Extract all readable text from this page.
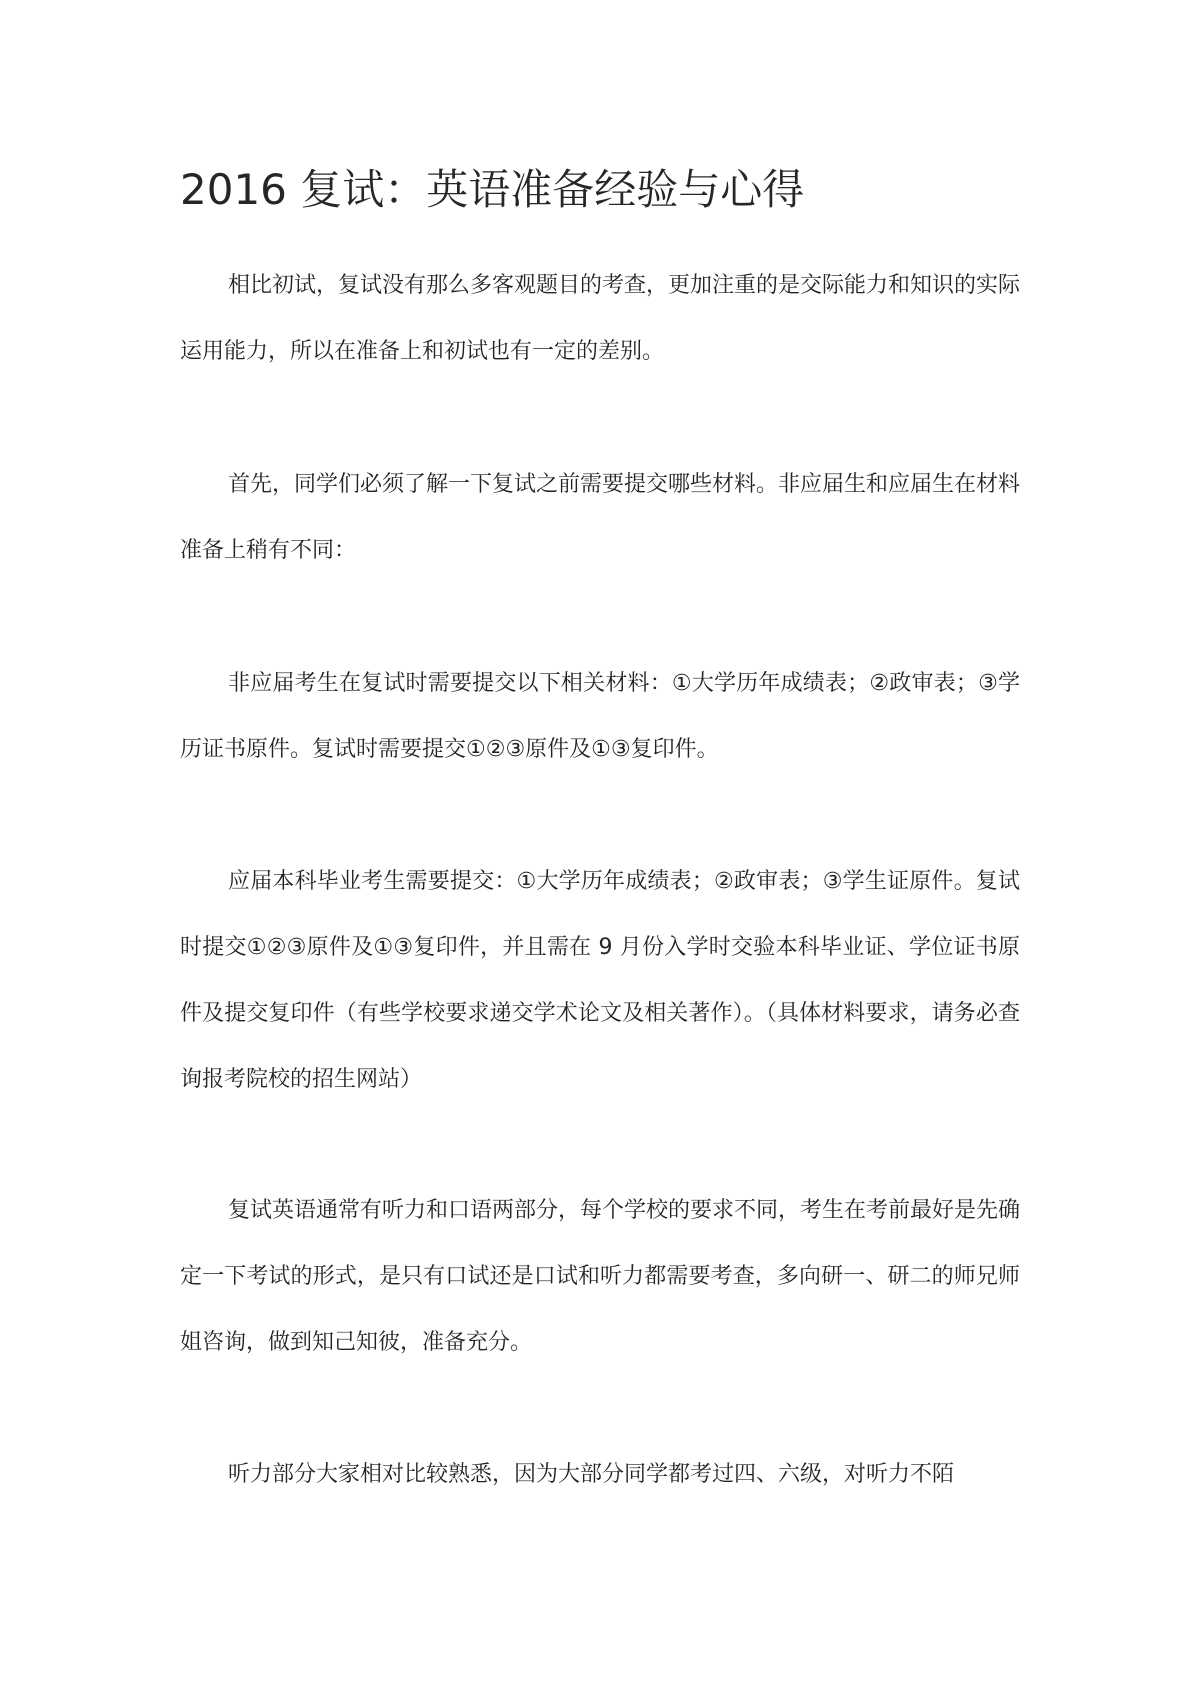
2016 复试：英语准备经验与心得

相比初试，复试没有那么多客观题目的考查，更加注重的是交际能力和知识的实际运用能力，所以在准备上和初试也有一定的差别。

首先，同学们必须了解一下复试之前需要提交哪些材料。非应届生和应届生在材料准备上稍有不同：

非应届考生在复试时需要提交以下相关材料：①大学历年成绩表；②政审表；③学历证书原件。复试时需要提交①②③原件及①③复印件。

应届本科毕业考生需要提交：①大学历年成绩表；②政审表；③学生证原件。复试时提交①②③原件及①③复印件，并且需在 9 月份入学时交验本科毕业证、学位证书原件及提交复印件（有些学校要求递交学术论文及相关著作）。（具体材料要求，请务必查询报考院校的招生网站）

复试英语通常有听力和口语两部分，每个学校的要求不同，考生在考前最好是先确定一下考试的形式，是只有口试还是口试和听力都需要考查，多向研一、研二的师兄师姐咨询，做到知己知彼，准备充分。

听力部分大家相对比较熟悉，因为大部分同学都考过四、六级，对听力不陌
